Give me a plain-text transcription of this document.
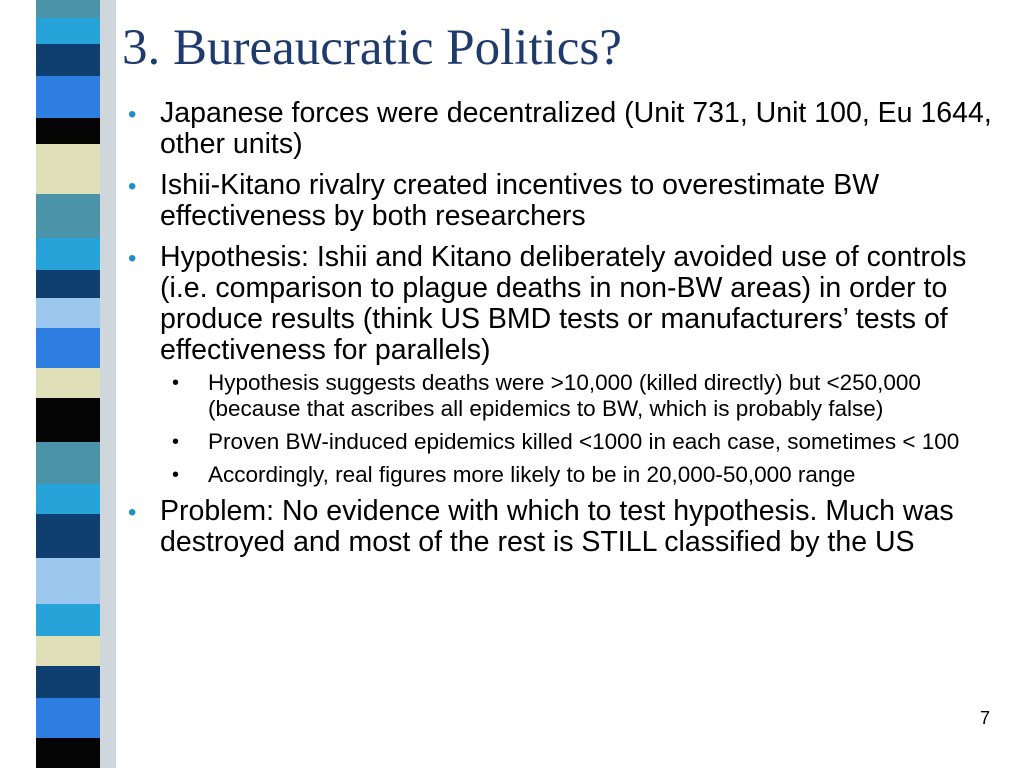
3. Bureaucratic Politics?
• Japanese forces were decentralized (Unit 731, Unit 100, Eu 1644, other units)
• Ishii-Kitano rivalry created incentives to overestimate BW effectiveness by both researchers
• Hypothesis: Ishii and Kitano deliberately avoided use of controls (i.e. comparison to plague deaths in non-BW areas) in order to produce results (think US BMD tests or manufacturers’ tests of effectiveness for parallels)
• Hypothesis suggests deaths were >10,000 (killed directly) but <250,000 (because that ascribes all epidemics to BW, which is probably false)
• Proven BW-induced epidemics killed <1000 in each case, sometimes < 100
• Accordingly, real figures more likely to be in 20,000-50,000 range
• Problem: No evidence with which to test hypothesis. Much was destroyed and most of the rest is STILL classified by the US
7
